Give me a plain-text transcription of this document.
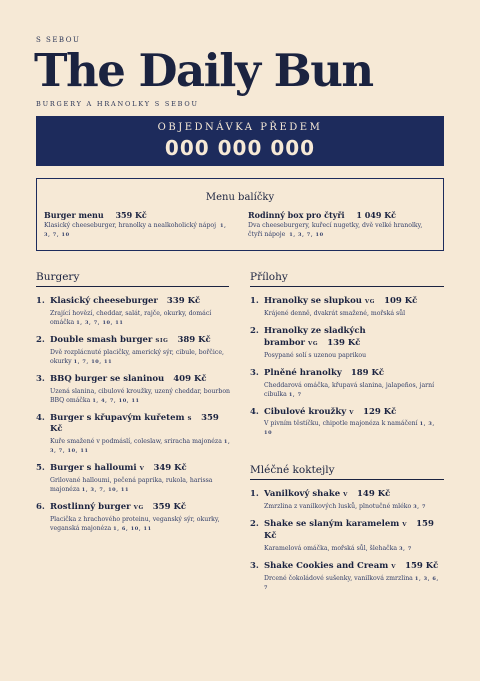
S SEBOU
The Daily Bun
BURGERY A HRANOLKY S SEBOU
OBJEDNÁVKA PŘEDEM
000 000 000
Menu balíčky
Burger menu 359 Kč
Klasický cheeseburger, hranolky a nealkoholický nápoj 1, 3, 7, 10
Rodinný box pro čtyři 1 049 Kč
Dva cheeseburgery, kuřecí nugetky, dvě velké hranolky, čtyři nápoje 1, 3, 7, 10
Burgery
1. Klasický cheeseburger 339 Kč
Zrající hovězí, cheddar, salát, rajče, okurky, domácí omáčka 1, 3, 7, 10, 11
2. Double smash burger SIG 389 Kč
Dvě rozplácnuté placičky, americký sýr, cibule, bořčice, okurky 1, 7, 10, 11
3. BBQ burger se slaninou 409 Kč
Uzená slanina, cibulové kroužky, uzený cheddar, bourbon BBQ omáčka 1, 4, 7, 10, 11
4. Burger s křupavým kuřetem S 359 Kč
Kuře smažené v podmáslí, coleslaw, sriracha majonéza 1, 3, 7, 10, 11
5. Burger s halloumi V 349 Kč
Grilované halloumi, pečená paprika, rukola, harissa majonéza 1, 3, 7, 10, 11
6. Rostlinný burger VG 359 Kč
Placička z hrachového proteinu, veganský sýr, okurky, veganská majonéza 1, 6, 10, 11
Přílohy
1. Hranolky se slupkou VG 109 Kč
Krájené denně, dvakrát smažené, mořská sůl
2. Hranolky ze sladkých brambor VG 139 Kč
Posypané solí s uzenou paprikou
3. Plněné hranolky 189 Kč
Cheddarová omáčka, křupavá slanina, jalapeños, jarní cibulka 1, 7
4. Cibulové kroužky V 129 Kč
V pivním těstíčku, chipotle majonéza k namáčení 1, 3, 10
Mléčné koktejly
1. Vanilkový shake V 149 Kč
Zmrzlina z vanilkových lusků, plnotučné mléko 3, 7
2. Shake se slaným karamelem V 159 Kč
Karamelová omáčka, mořská sůl, šlehačka 3, 7
3. Shake Cookies and Cream V 159 Kč
Drcené čokoládové sušenky, vanilková zmrzlina 1, 3, 6, 7
